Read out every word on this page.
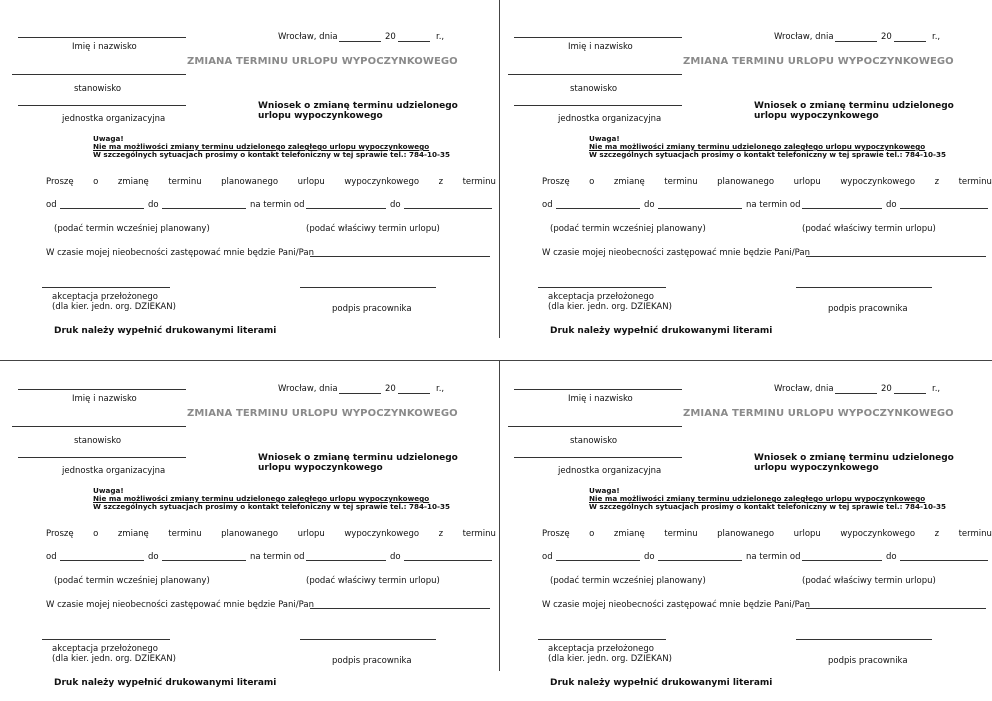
Imię i nazwisko
Wrocław, dnia	20	r.,
ZMIANA TERMINU URLOPU WYPOCZYNKOWEGO
stanowisko
jednostka organizacyjna
Wniosek o zmianę terminu udzielonego
urlopu wypoczynkowego
Uwaga!
Nie ma możliwości zmiany terminu udzielonego zaległego urlopu wypoczynkowego
W szczególnych sytuacjach prosimy o kontakt telefoniczny w tej sprawie tel.: 784-10-35
Proszę o zmianę terminu planowanego urlopu wypoczynkowego z terminu
od	do	na termin od	do
(podać termin wcześniej planowany)	(podać właściwy termin urlopu)
W czasie mojej nieobecności zastępować mnie będzie Pani/Pan
akceptacja przełożonego
(dla kier. jedn. org. DZIEKAN)	podpis pracownika
Druk należy wypełnić drukowanymi literami
Imię i nazwisko
Wrocław, dnia	20	r.,
ZMIANA TERMINU URLOPU WYPOCZYNKOWEGO
stanowisko
jednostka organizacyjna
Wniosek o zmianę terminu udzielonego
urlopu wypoczynkowego
Uwaga!
Nie ma możliwości zmiany terminu udzielonego zaległego urlopu wypoczynkowego
W szczególnych sytuacjach prosimy o kontakt telefoniczny w tej sprawie tel.: 784-10-35
Proszę o zmianę terminu planowanego urlopu wypoczynkowego z terminu
od	do	na termin od	do
(podać termin wcześniej planowany)	(podać właściwy termin urlopu)
W czasie mojej nieobecności zastępować mnie będzie Pani/Pan
akceptacja przełożonego
(dla kier. jedn. org. DZIEKAN)	podpis pracownika
Druk należy wypełnić drukowanymi literami
Imię i nazwisko
Wrocław, dnia	20	r.,
ZMIANA TERMINU URLOPU WYPOCZYNKOWEGO
stanowisko
jednostka organizacyjna
Wniosek o zmianę terminu udzielonego
urlopu wypoczynkowego
Uwaga!
Nie ma możliwości zmiany terminu udzielonego zaległego urlopu wypoczynkowego
W szczególnych sytuacjach prosimy o kontakt telefoniczny w tej sprawie tel.: 784-10-35
Proszę o zmianę terminu planowanego urlopu wypoczynkowego z terminu
od	do	na termin od	do
(podać termin wcześniej planowany)	(podać właściwy termin urlopu)
W czasie mojej nieobecności zastępować mnie będzie Pani/Pan
akceptacja przełożonego
(dla kier. jedn. org. DZIEKAN)	podpis pracownika
Druk należy wypełnić drukowanymi literami
Imię i nazwisko
Wrocław, dnia	20	r.,
ZMIANA TERMINU URLOPU WYPOCZYNKOWEGO
stanowisko
jednostka organizacyjna
Wniosek o zmianę terminu udzielonego
urlopu wypoczynkowego
Uwaga!
Nie ma możliwości zmiany terminu udzielonego zaległego urlopu wypoczynkowego
W szczególnych sytuacjach prosimy o kontakt telefoniczny w tej sprawie tel.: 784-10-35
Proszę o zmianę terminu planowanego urlopu wypoczynkowego z terminu
od	do	na termin od	do
(podać termin wcześniej planowany)	(podać właściwy termin urlopu)
W czasie mojej nieobecności zastępować mnie będzie Pani/Pan
akceptacja przełożonego
(dla kier. jedn. org. DZIEKAN)	podpis pracownika
Druk należy wypełnić drukowanymi literami
